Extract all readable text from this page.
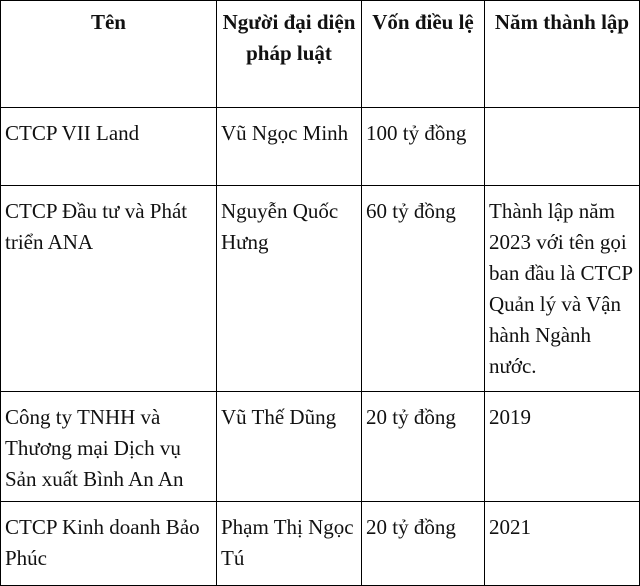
Tên	Người đại diện pháp luật	Vốn điều lệ	Năm thành lập
CTCP VII Land	Vũ Ngọc Minh	100 tỷ đồng	
CTCP Đầu tư và Phát triển ANA	Nguyễn Quốc Hưng	60 tỷ đồng	Thành lập năm 2023 với tên gọi ban đầu là CTCP Quản lý và Vận hành Ngành nước.
Công ty TNHH và Thương mại Dịch vụ Sản xuất Bình An An	Vũ Thế Dũng	20 tỷ đồng	2019
CTCP Kinh doanh Bảo Phúc	Phạm Thị Ngọc Tú	20 tỷ đồng	2021
